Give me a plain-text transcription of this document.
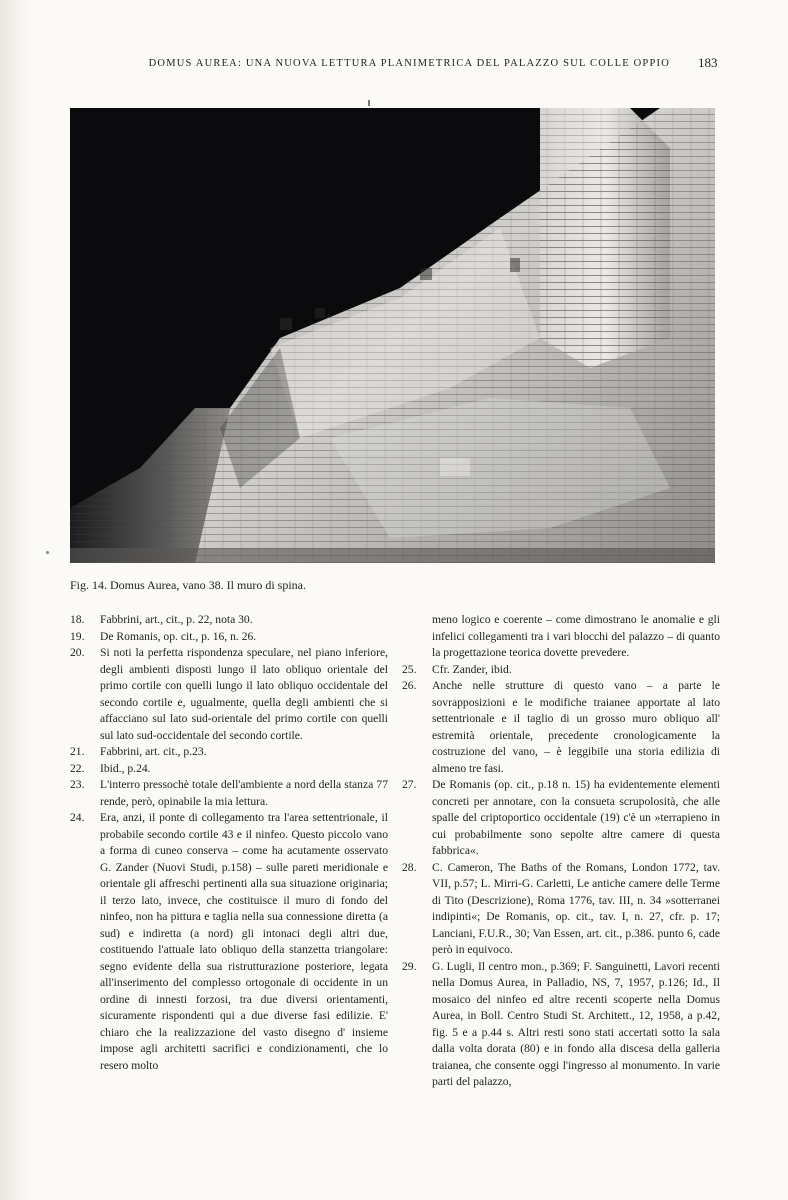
DOMUS AUREA: UNA NUOVA LETTURA PLANIMETRICA DEL PALAZZO SUL COLLE OPPIO 183
Fig. 14. Domus Aurea, vano 38. Il muro di spina.
18.	Fabbrini, art., cit., p. 22, nota 30.
19.	De Romanis, op. cit., p. 16, n. 26.
20.	Si noti la perfetta rispondenza speculare, nel piano inferiore, degli ambienti disposti lungo il lato obliquo orientale del primo cortile con quelli lungo il lato obliquo occidentale del secondo cortile e, ugualmente, quella degli ambienti che si affacciano sul lato sud-orientale del primo cortile con quelli sul lato sud-occidentale del secondo cortile.
21.	Fabbrini, art. cit., p.23.
22.	Ibid., p.24.
23.	L'interro pressochè totale dell'ambiente a nord della stanza 77 rende, però, opinabile la mia lettura.
24.	Era, anzi, il ponte di collegamento tra l'area settentrionale, il probabile secondo cortile 43 e il ninfeo. Questo piccolo vano a forma di cuneo conserva – come ha acutamente osservato G. Zander (Nuovi Studi, p.158) – sulle pareti meridionale e orientale gli affreschi pertinenti alla sua situazione originaria; il terzo lato, invece, che costituisce il muro di fondo del ninfeo, non ha pittura e taglia nella sua connessione diretta (a sud) e indiretta (a nord) gli intonaci degli altri due, costituendo l'attuale lato obliquo della stanzetta triangolare: segno evidente della sua ristrutturazione posteriore, legata all'inserimento del complesso ortogonale di occidente in un ordine di innesti forzosi, tra due diversi orientamenti, sicuramente rispondenti qui a due diverse fasi edilizie. E' chiaro che la realizzazione del vasto disegno d' insieme impose agli architetti sacrifici e condizionamenti, che lo resero molto
meno logico e coerente – come dimostrano le anomalie e gli infelici collegamenti tra i vari blocchi del palazzo – di quanto la progettazione teorica dovette prevedere.
25.	Cfr. Zander, ibid.
26.	Anche nelle strutture di questo vano – a parte le sovrapposizioni e le modifiche traianee apportate al lato settentrionale e il taglio di un grosso muro obliquo all' estremità orientale, precedente cronologicamente la costruzione del vano, – è leggibile una storia edilizia di almeno tre fasi.
27.	De Romanis (op. cit., p.18 n. 15) ha evidentemente elementi concreti per annotare, con la consueta scrupolosità, che alle spalle del criptoportico occidentale (19) c'è un »terrapieno in cui probabilmente sono sepolte altre camere di questa fabbrica«.
28.	C. Cameron, The Baths of the Romans, London 1772, tav. VII, p.57; L. Mirri-G. Carletti, Le antiche camere delle Terme di Tito (Descrizione), Roma 1776, tav. III, n. 34 »sotterranei indipinti«; De Romanis, op. cit., tav. I, n. 27, cfr. p. 17; Lanciani, F.U.R., 30; Van Essen, art. cit., p.386. punto 6, cade però in equivoco.
29.	G. Lugli, Il centro mon., p.369; F. Sanguinetti, Lavori recenti nella Domus Aurea, in Palladio, NS, 7, 1957, p.126; Id., Il mosaico del ninfeo ed altre recenti scoperte nella Domus Aurea, in Boll. Centro Studi St. Architett., 12, 1958, a p.42, fig. 5 e a p.44 s. Altri resti sono stati accertati sotto la sala dalla volta dorata (80) e in fondo alla discesa della galleria traianea, che consente oggi l'ingresso al monumento. In varie parti del palazzo,
